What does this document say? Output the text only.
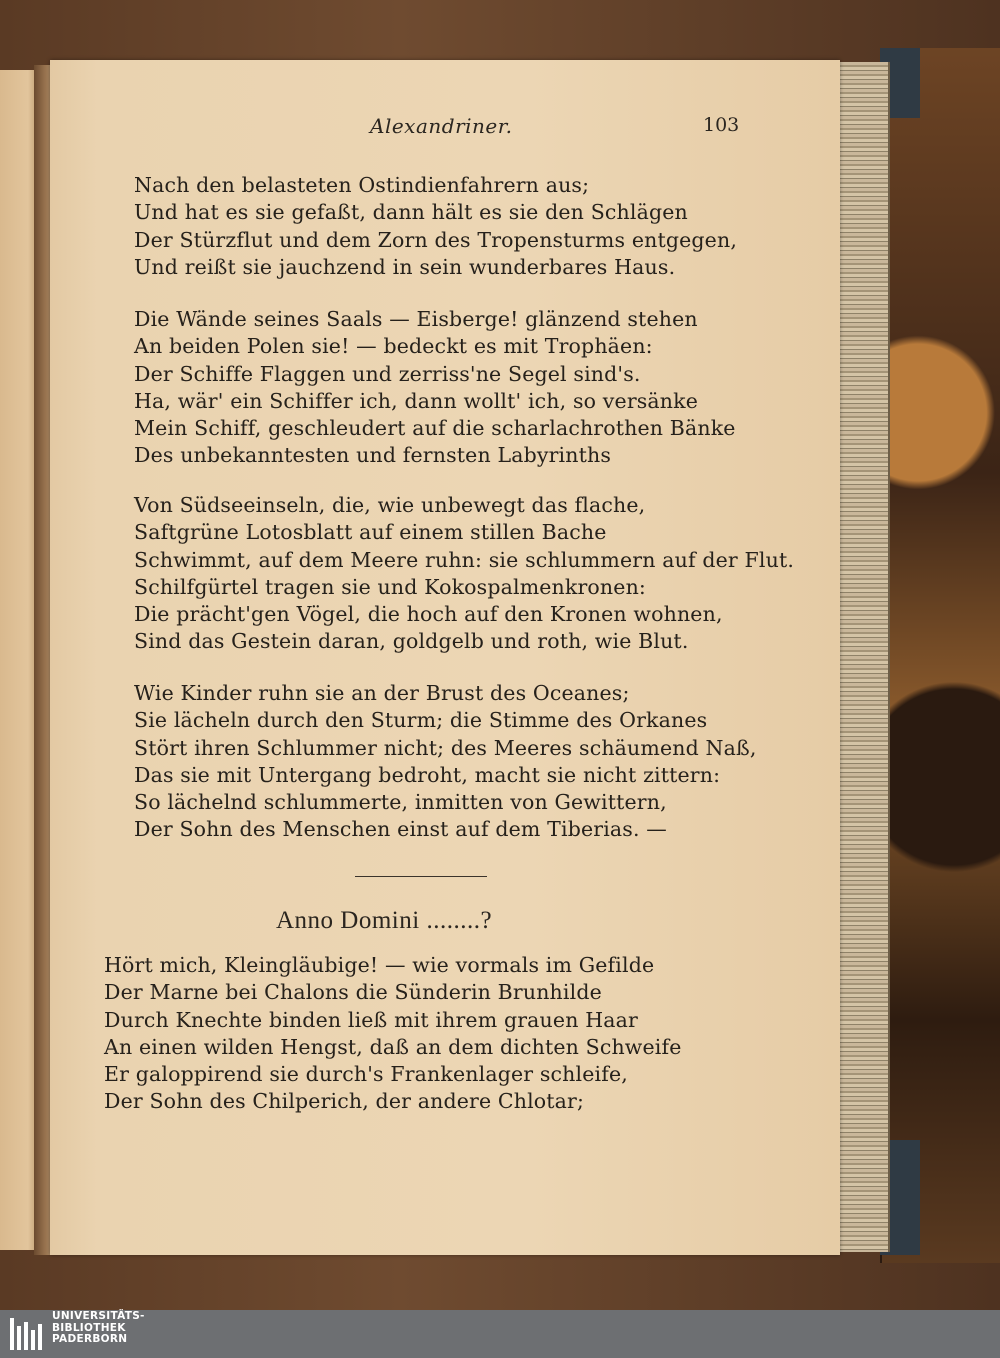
Alexandriner.	103
Nach den belasteten Ostindienfahrern aus;
Und hat es sie gefaßt, dann hält es sie den Schlägen
Der Stürzflut und dem Zorn des Tropensturms entgegen,
Und reißt sie jauchzend in sein wunderbares Haus.
Die Wände seines Saals — Eisberge! glänzend stehen
An beiden Polen sie! — bedeckt es mit Trophäen:
Der Schiffe Flaggen und zerriss'ne Segel sind's.
Ha, wär' ein Schiffer ich, dann wollt' ich, so versänke
Mein Schiff, geschleudert auf die scharlachrothen Bänke
Des unbekanntesten und fernsten Labyrinths
Von Südseeinseln, die, wie unbewegt das flache,
Saftgrüne Lotosblatt auf einem stillen Bache
Schwimmt, auf dem Meere ruhn: sie schlummern auf der Flut.
Schilfgürtel tragen sie und Kokospalmenkronen:
Die prächt'gen Vögel, die hoch auf den Kronen wohnen,
Sind das Gestein daran, goldgelb und roth, wie Blut.
Wie Kinder ruhn sie an der Brust des Oceanes;
Sie lächeln durch den Sturm; die Stimme des Orkanes
Stört ihren Schlummer nicht; des Meeres schäumend Naß,
Das sie mit Untergang bedroht, macht sie nicht zittern:
So lächelnd schlummerte, inmitten von Gewittern,
Der Sohn des Menschen einst auf dem Tiberias. —
Anno Domini ........?
Hört mich, Kleingläubige! — wie vormals im Gefilde
Der Marne bei Chalons die Sünderin Brunhilde
Durch Knechte binden ließ mit ihrem grauen Haar
An einen wilden Hengst, daß an dem dichten Schweife
Er galoppirend sie durch's Frankenlager schleife,
Der Sohn des Chilperich, der andere Chlotar;
UNIVERSITÄTS-
BIBLIOTHEK
PADERBORN
